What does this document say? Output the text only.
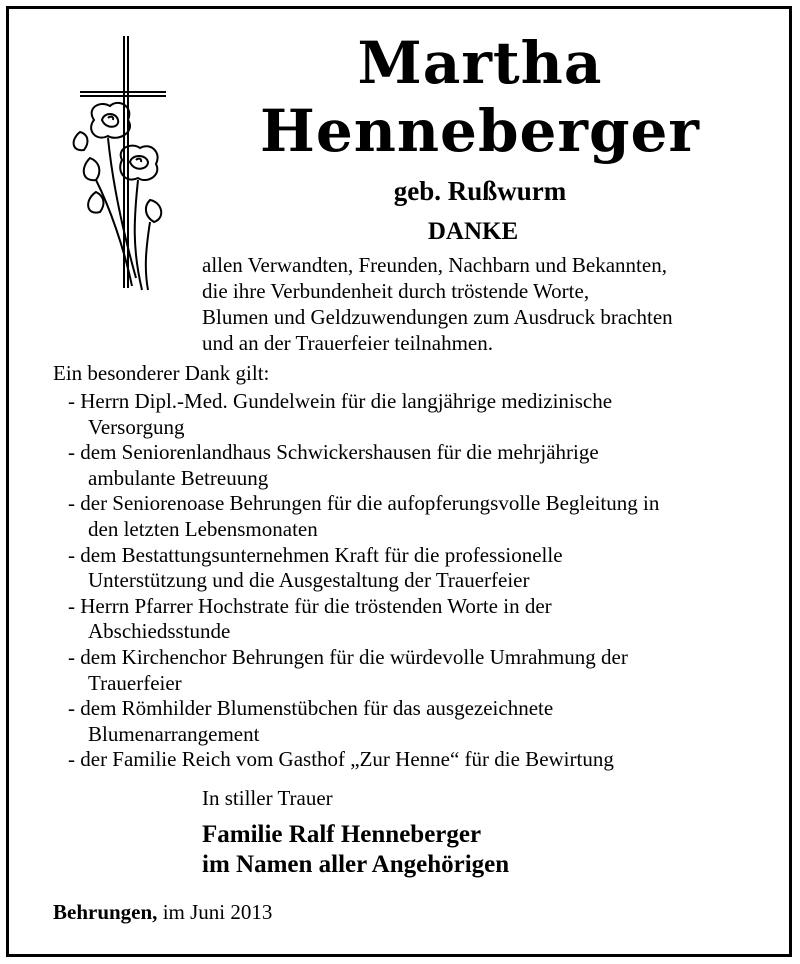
Martha
Henneberger
geb. Rußwurm
DANKE
allen Verwandten, Freunden, Nachbarn und Bekannten,
die ihre Verbundenheit durch tröstende Worte,
Blumen und Geldzuwendungen zum Ausdruck brachten
und an der Trauerfeier teilnahmen.
Ein besonderer Dank gilt:
- Herrn Dipl.-Med. Gundelwein für die langjährige medizinische
Versorgung
- dem Seniorenlandhaus Schwickershausen für die mehrjährige
ambulante Betreuung
- der Seniorenoase Behrungen für die aufopferungsvolle Begleitung in
den letzten Lebensmonaten
- dem Bestattungsunternehmen Kraft für die professionelle
Unterstützung und die Ausgestaltung der Trauerfeier
- Herrn Pfarrer Hochstrate für die tröstenden Worte in der
Abschiedsstunde
- dem Kirchenchor Behrungen für die würdevolle Umrahmung der
Trauerfeier
- dem Römhilder Blumenstübchen für das ausgezeichnete
Blumenarrangement
- der Familie Reich vom Gasthof „Zur Henne“ für die Bewirtung
In stiller Trauer
Familie Ralf Henneberger
im Namen aller Angehörigen
Behrungen, im Juni 2013
